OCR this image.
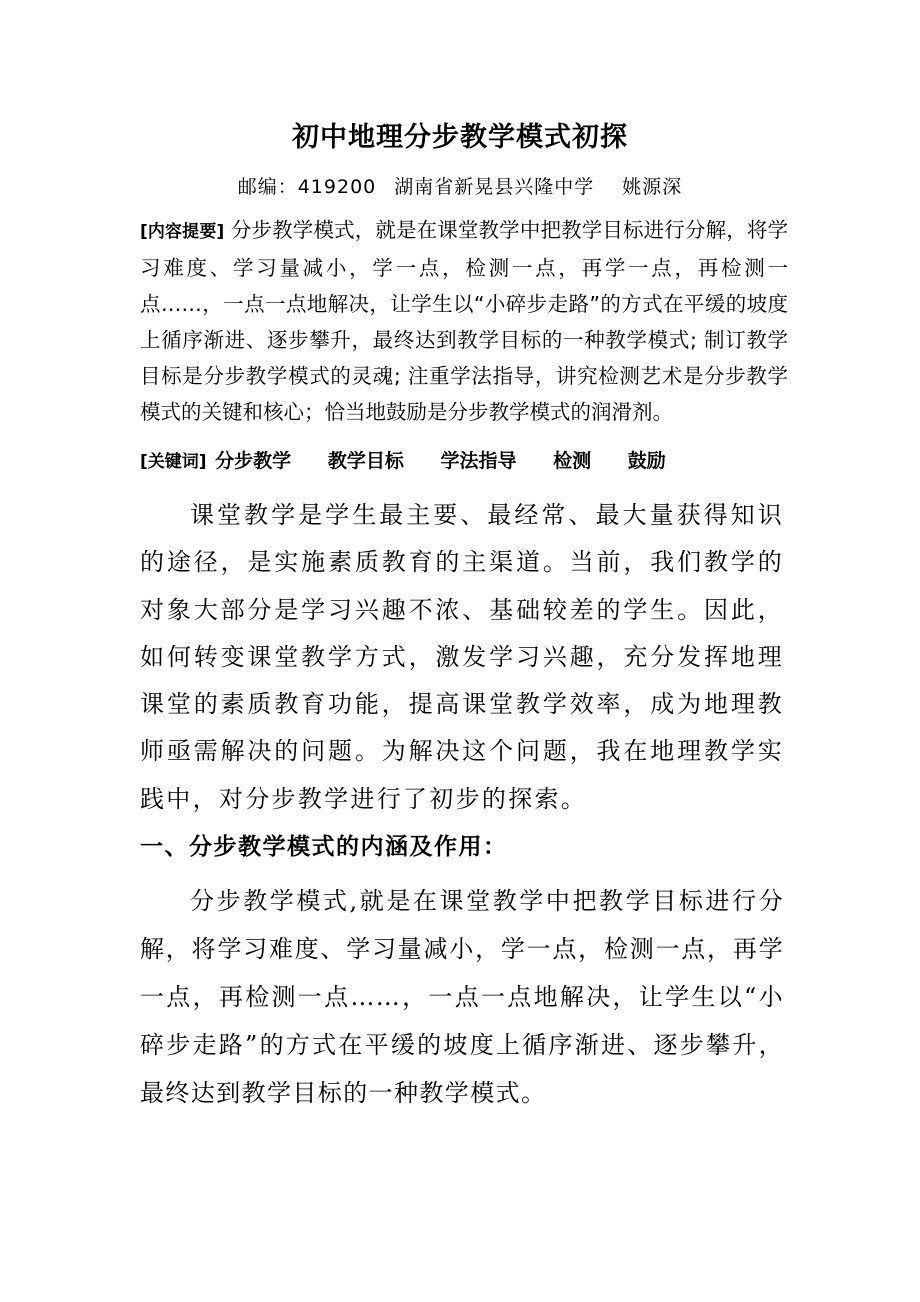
初中地理分步教学模式初探

邮编：419200 湖南省新晃县兴隆中学 姚源深

[内容提要] 分步教学模式，就是在课堂教学中把教学目标进行分解，将学习难度、学习量减小，学一点，检测一点，再学一点，再检测一点……，一点一点地解决，让学生以“小碎步走路”的方式在平缓的坡度上循序渐进、逐步攀升，最终达到教学目标的一种教学模式; 制订教学目标是分步教学模式的灵魂; 注重学法指导，讲究检测艺术是分步教学模式的关键和核心；恰当地鼓励是分步教学模式的润滑剂。

[关键词] 分步教学 教学目标 学法指导 检测 鼓励

课堂教学是学生最主要、最经常、最大量获得知识的途径，是实施素质教育的主渠道。当前，我们教学的对象大部分是学习兴趣不浓、基础较差的学生。因此，如何转变课堂教学方式，激发学习兴趣，充分发挥地理课堂的素质教育功能，提高课堂教学效率，成为地理教师亟需解决的问题。为解决这个问题，我在地理教学实践中，对分步教学进行了初步的探索。

一、分步教学模式的内涵及作用：

分步教学模式,就是在课堂教学中把教学目标进行分解，将学习难度、学习量减小，学一点，检测一点，再学一点，再检测一点……，一点一点地解决，让学生以“小碎步走路”的方式在平缓的坡度上循序渐进、逐步攀升，最终达到教学目标的一种教学模式。
